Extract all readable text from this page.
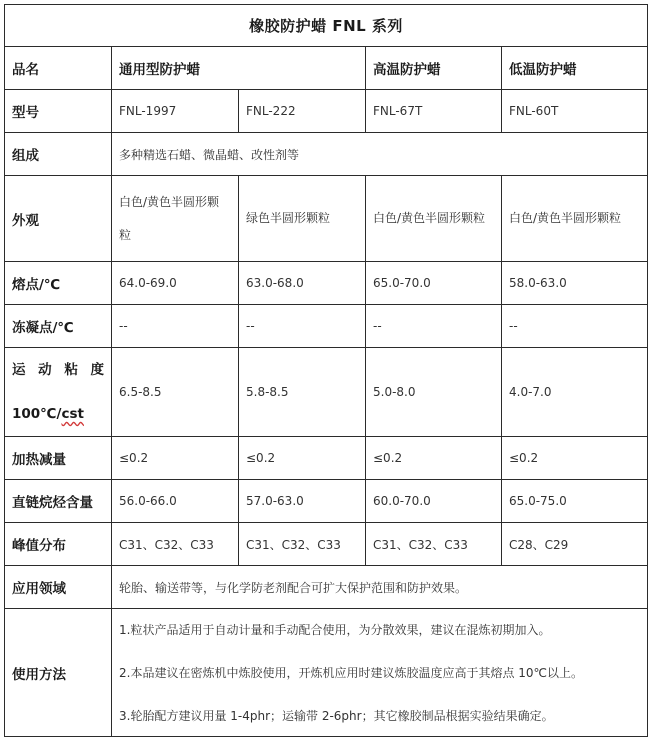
橡胶防护蜡 FNL 系列				
品名	通用型防护蜡		高温防护蜡	低温防护蜡
型号	FNL-1997	FNL-222	FNL-67T	FNL-60T
组成	多种精选石蜡、微晶蜡、改性剂等			
外观	白色/黄色半圆形颗粒	绿色半圆形颗粒	白色/黄色半圆形颗粒	白色/黄色半圆形颗粒
熔点/℃	64.0-69.0	63.0-68.0	65.0-70.0	58.0-63.0
冻凝点/℃	--	--	--	--

运动粘度
100℃/cst	6.5-8.5	5.8-8.5	5.0-8.0	4.0-7.0
加热减量	≤0.2	≤0.2	≤0.2	≤0.2
直链烷烃含量	56.0-66.0	57.0-63.0	60.0-70.0	65.0-75.0
峰值分布	C31、C32、C33	C31、C32、C33	C31、C32、C33	C28、C29
应用领域	轮胎、输送带等，与化学防老剂配合可扩大保护范围和防护效果。			
使用方法	1.粒状产品适用于自动计量和手动配合使用，为分散效果，建议在混炼初期加入。

2.本品建议在密炼机中炼胶使用，开炼机应用时建议炼胶温度应高于其熔点 10℃以上。

3.轮胎配方建议用量 1-4phr；运输带 2-6phr；其它橡胶制品根据实验结果确定。			
